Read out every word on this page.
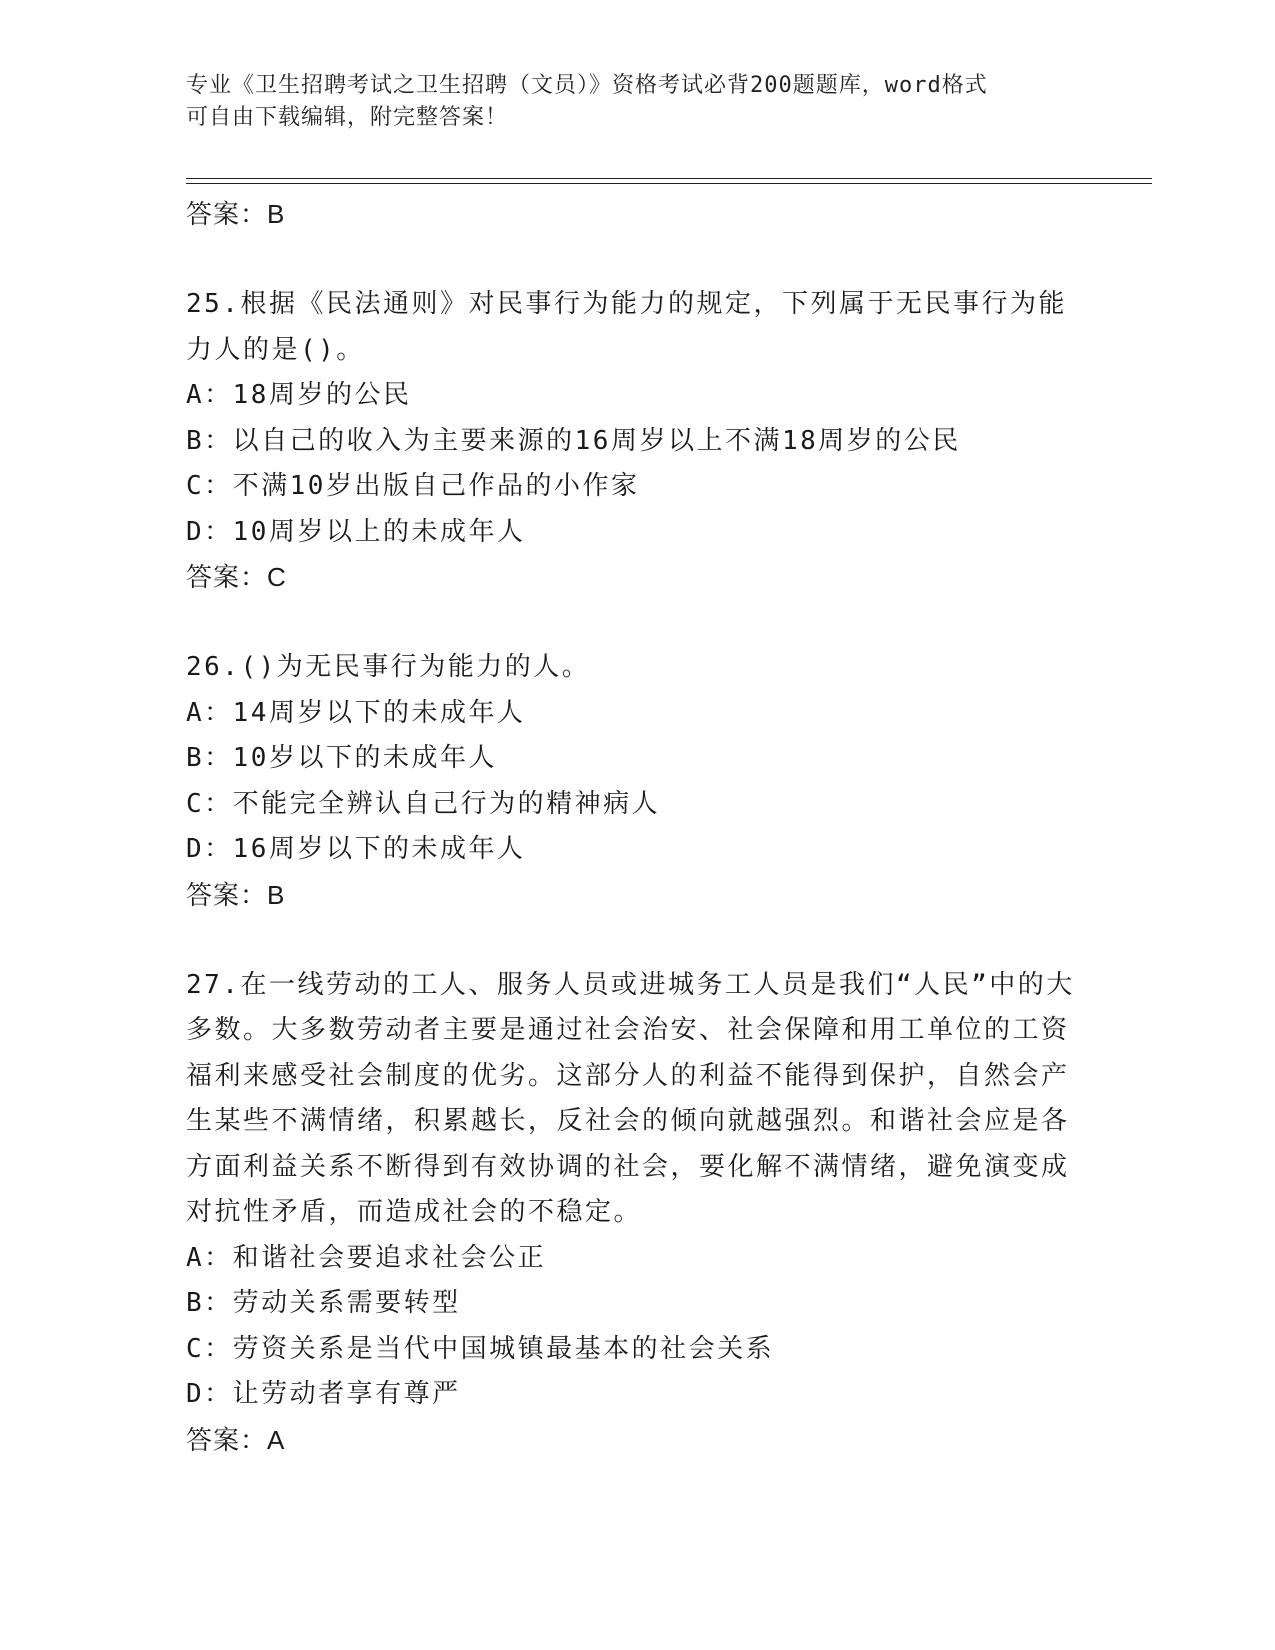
专业《卫生招聘考试之卫生招聘（文员）》资格考试必背200题题库，word格式
可自由下载编辑，附完整答案！
答案：B

25.根据《民法通则》对民事行为能力的规定，下列属于无民事行为能力人的是()。

A：18周岁的公民
B：以自己的收入为主要来源的16周岁以上不满18周岁的公民
C：不满10岁出版自己作品的小作家
D：10周岁以上的未成年人
答案：C

26.()为无民事行为能力的人。

A：14周岁以下的未成年人
B：10岁以下的未成年人
C：不能完全辨认自己行为的精神病人
D：16周岁以下的未成年人
答案：B

27.在一线劳动的工人、服务人员或进城务工人员是我们“人民”中的大多数。大多数劳动者主要是通过社会治安、社会保障和用工单位的工资福利来感受社会制度的优劣。这部分人的利益不能得到保护，自然会产生某些不满情绪，积累越长，反社会的倾向就越强烈。和谐社会应是各方面利益关系不断得到有效协调的社会，要化解不满情绪，避免演变成对抗性矛盾，而造成社会的不稳定。

A：和谐社会要追求社会公正
B：劳动关系需要转型
C：劳资关系是当代中国城镇最基本的社会关系
D：让劳动者享有尊严
答案：A
